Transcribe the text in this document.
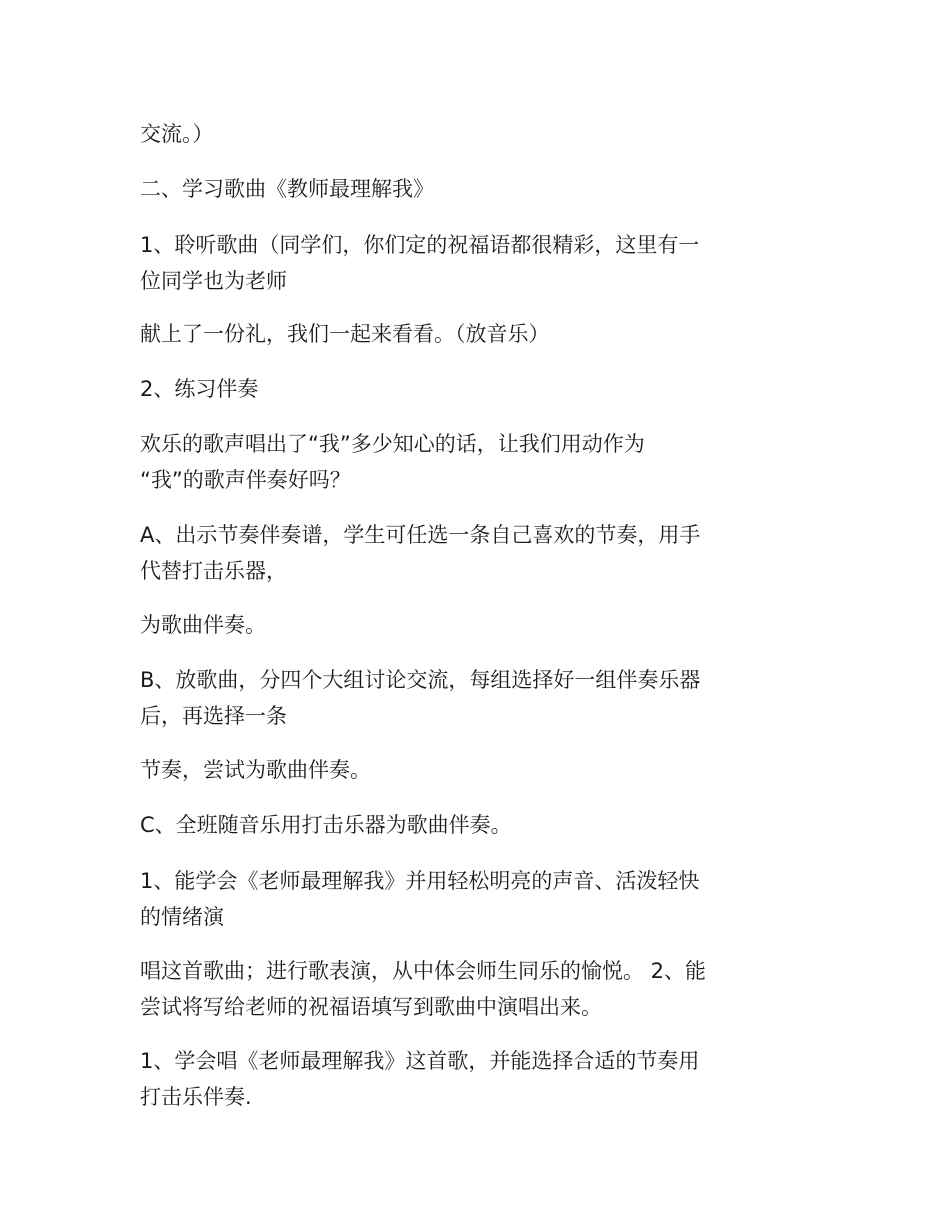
交流。）

二、学习歌曲《教师最理解我》

1、聆听歌曲（同学们，你们定的祝福语都很精彩，这里有一
位同学也为老师

献上了一份礼，我们一起来看看。（放音乐）

2、练习伴奏

欢乐的歌声唱出了“我”多少知心的话，让我们用动作为
“我”的歌声伴奏好吗？

A、出示节奏伴奏谱，学生可任选一条自己喜欢的节奏，用手
代替打击乐器，

为歌曲伴奏。

B、放歌曲，分四个大组讨论交流，每组选择好一组伴奏乐器
后，再选择一条

节奏，尝试为歌曲伴奏。

C、全班随音乐用打击乐器为歌曲伴奏。

1、能学会《老师最理解我》并用轻松明亮的声音、活泼轻快
的情绪演

唱这首歌曲；进行歌表演，从中体会师生同乐的愉悦。 2、能
尝试将写给老师的祝福语填写到歌曲中演唱出来。

1、学会唱《老师最理解我》这首歌，并能选择合适的节奏用
打击乐伴奏.
